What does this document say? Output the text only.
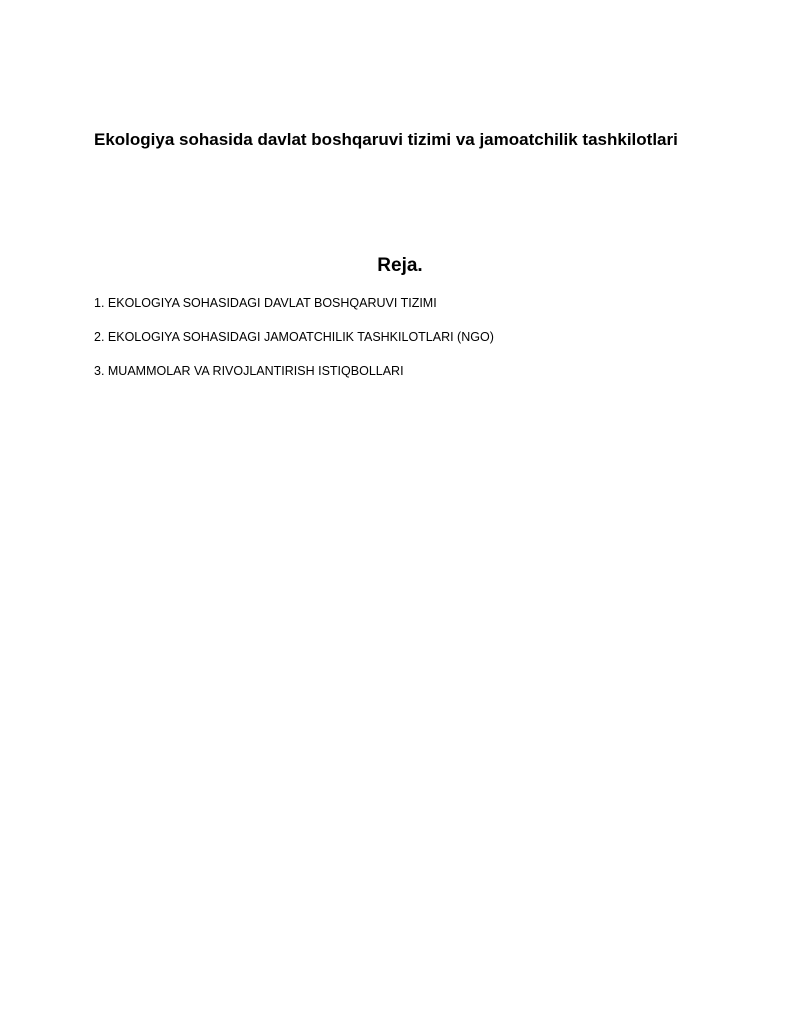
Ekologiya sohasida davlat boshqaruvi tizimi va jamoatchilik tashkilotlari
Reja.
1. EKOLOGIYA SOHASIDAGI DAVLAT BOSHQARUVI TIZIMI
2. EKOLOGIYA SOHASIDAGI JAMOATCHILIK TASHKILOTLARI (NGO)
3. MUAMMOLAR VA RIVOJLANTIRISH ISTIQBOLLARI
